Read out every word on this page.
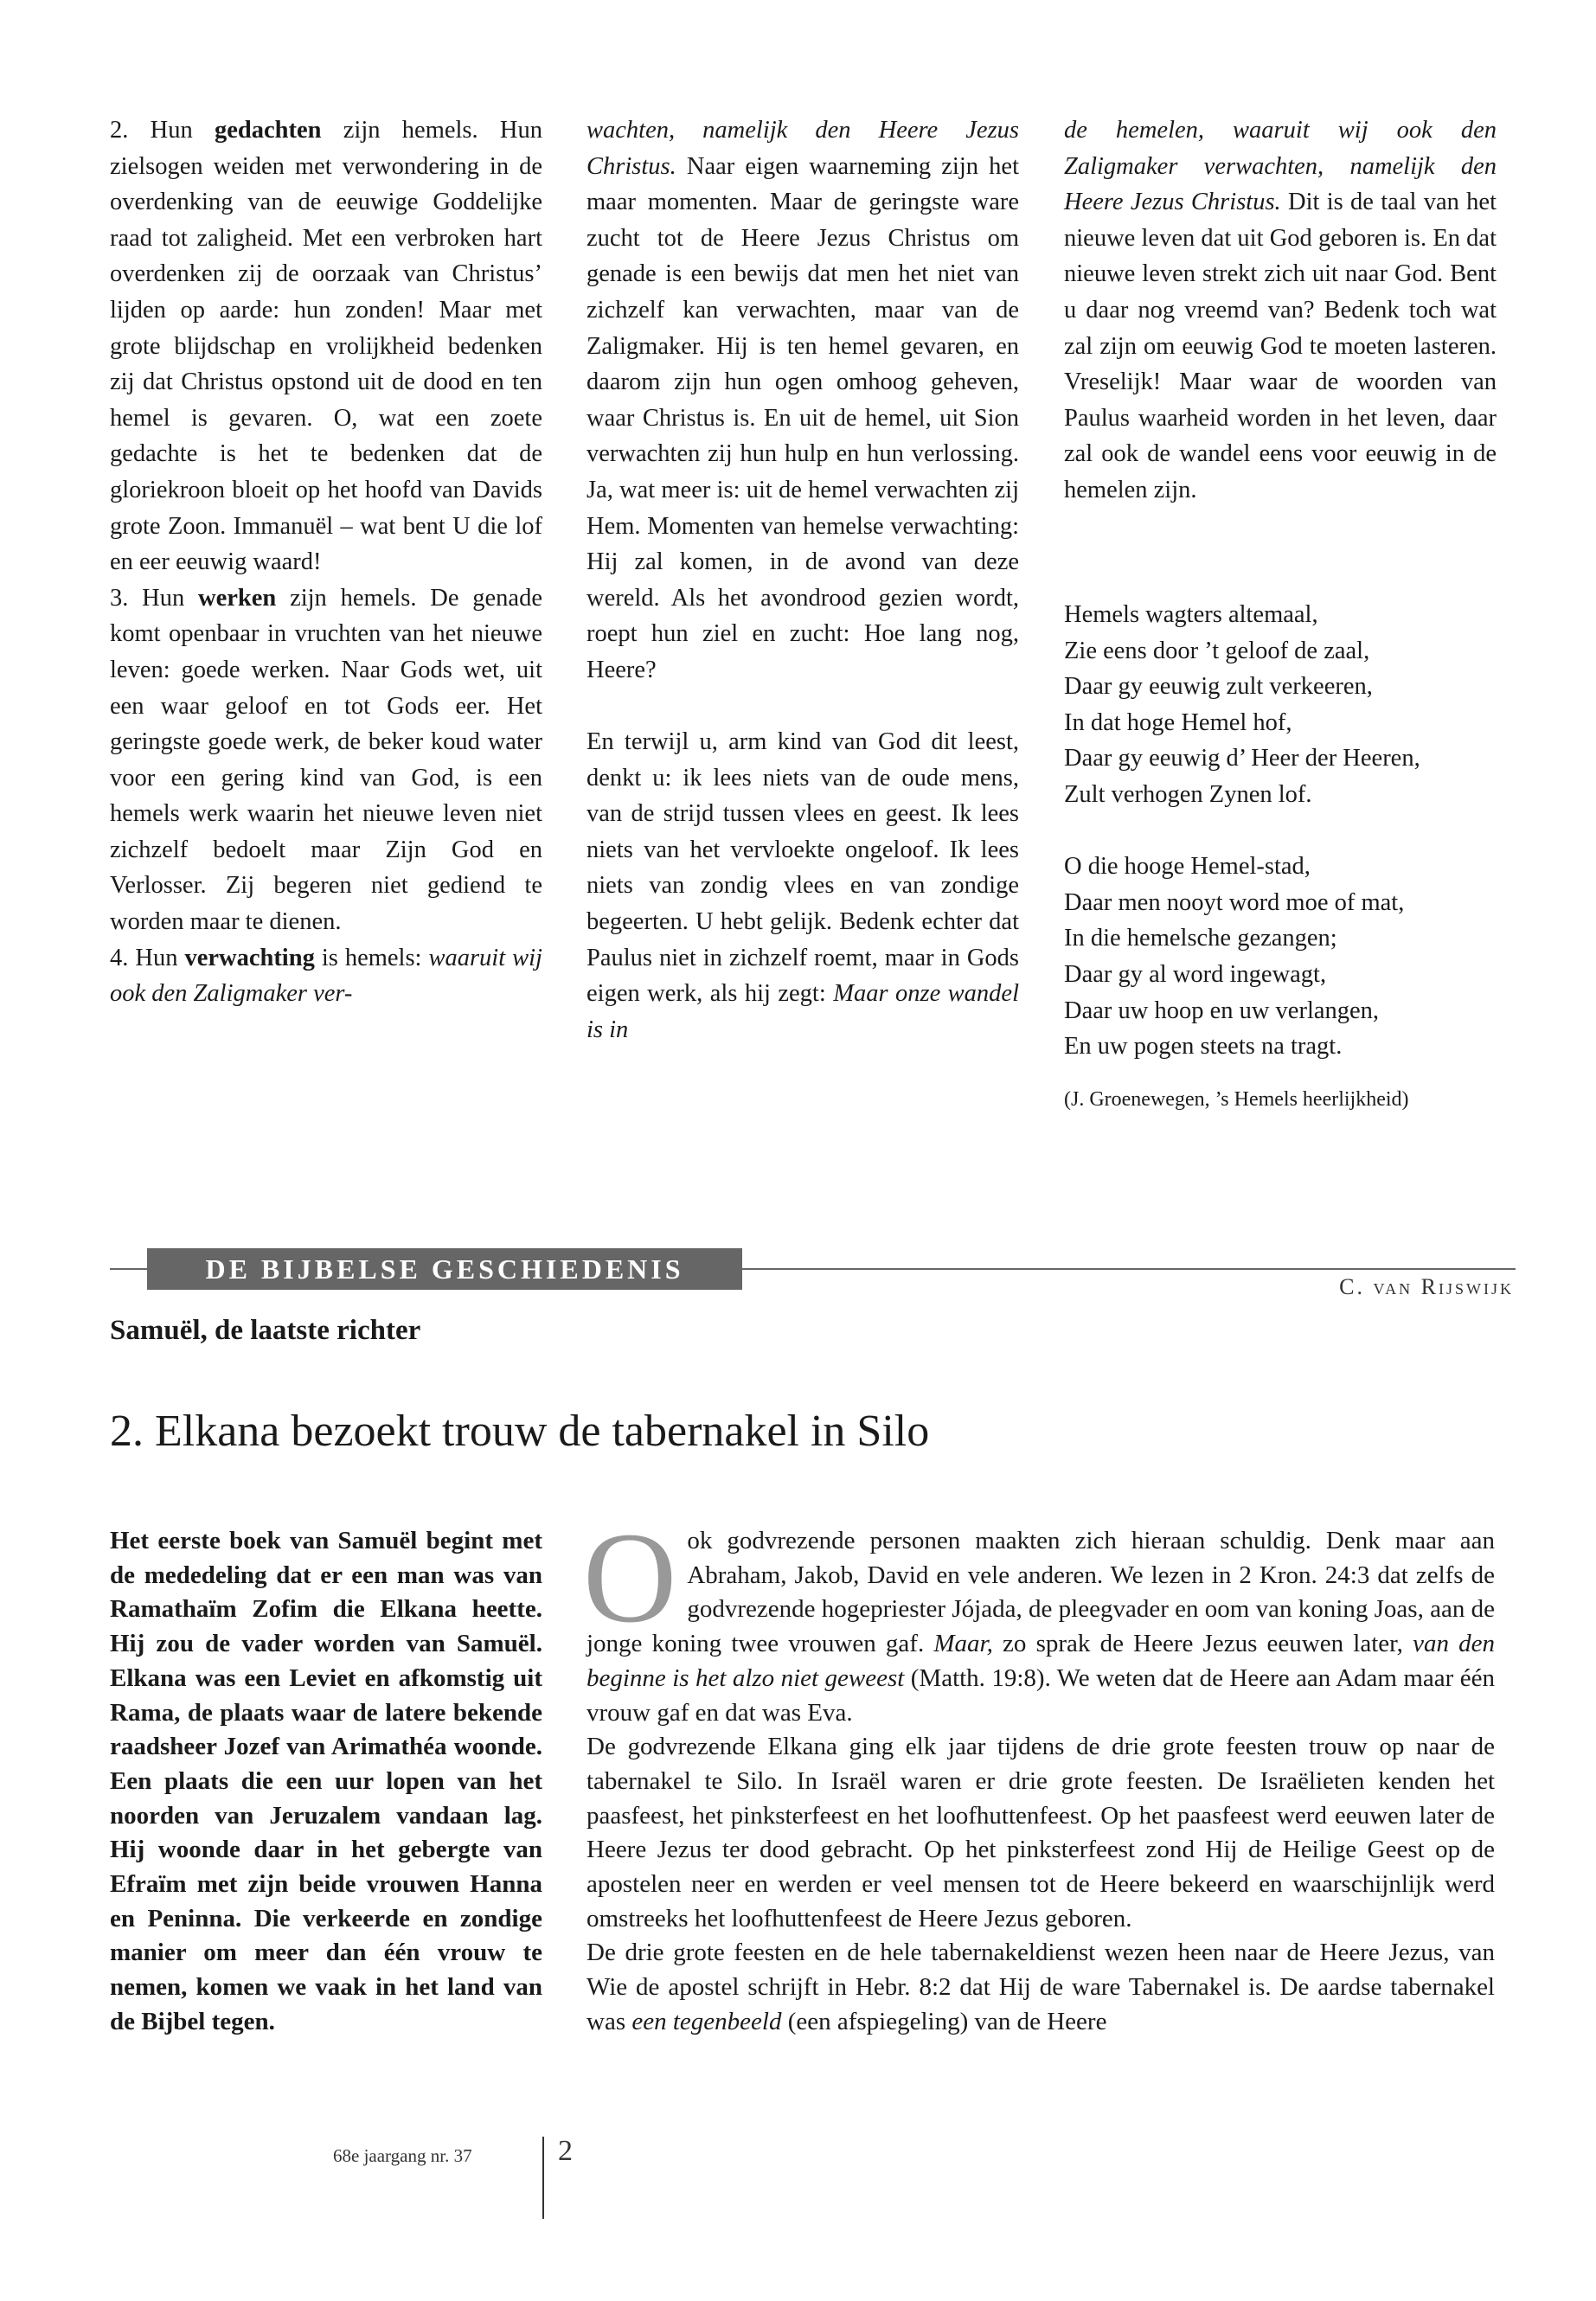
2. Hun gedachten zijn hemels. Hun zielsogen weiden met verwondering in de overdenking van de eeuwige Goddelijke raad tot zaligheid. Met een verbroken hart overdenken zij de oorzaak van Christus’ lijden op aarde: hun zonden! Maar met grote blijdschap en vrolijkheid bedenken zij dat Christus opstond uit de dood en ten hemel is gevaren. O, wat een zoete gedachte is het te bedenken dat de gloriekroon bloeit op het hoofd van Davids grote Zoon. Immanuël – wat bent U die lof en eer eeuwig waard!

3. Hun werken zijn hemels. De genade komt openbaar in vruchten van het nieuwe leven: goede werken. Naar Gods wet, uit een waar geloof en tot Gods eer. Het geringste goede werk, de beker koud water voor een gering kind van God, is een hemels werk waarin het nieuwe leven niet zichzelf bedoelt maar Zijn God en Verlosser. Zij begeren niet gediend te worden maar te dienen.

4. Hun verwachting is hemels: waaruit wij ook den Zaligmaker ver-

wachten, namelijk den Heere Jezus Christus. Naar eigen waarneming zijn het maar momenten. Maar de geringste ware zucht tot de Heere Jezus Christus om genade is een bewijs dat men het niet van zichzelf kan verwachten, maar van de Zaligmaker. Hij is ten hemel gevaren, en daarom zijn hun ogen omhoog geheven, waar Christus is. En uit de hemel, uit Sion verwachten zij hun hulp en hun verlossing. Ja, wat meer is: uit de hemel verwachten zij Hem. Momenten van hemelse verwachting: Hij zal komen, in de avond van deze wereld. Als het avondrood gezien wordt, roept hun ziel en zucht: Hoe lang nog, Heere?

En terwijl u, arm kind van God dit leest, denkt u: ik lees niets van de oude mens, van de strijd tussen vlees en geest. Ik lees niets van het vervloekte ongeloof. Ik lees niets van zondig vlees en van zondige begeerten. U hebt gelijk. Bedenk echter dat Paulus niet in zichzelf roemt, maar in Gods eigen werk, als hij zegt: Maar onze wandel is in

de hemelen, waaruit wij ook den Zaligmaker verwachten, namelijk den Heere Jezus Christus. Dit is de taal van het nieuwe leven dat uit God geboren is. En dat nieuwe leven strekt zich uit naar God. Bent u daar nog vreemd van? Bedenk toch wat zal zijn om eeuwig God te moeten lasteren. Vreselijk! Maar waar de woorden van Paulus waarheid worden in het leven, daar zal ook de wandel eens voor eeuwig in de hemelen zijn.

Hemels wagters altemaal,
Zie eens door ’t geloof de zaal,
Daar gy eeuwig zult verkeeren,
In dat hoge Hemel hof,
Daar gy eeuwig d’ Heer der Heeren,
Zult verhogen Zynen lof.
O die hooge Hemel-stad,
Daar men nooyt word moe of mat,
In die hemelsche gezangen;
Daar gy al word ingewagt,
Daar uw hoop en uw verlangen,
En uw pogen steets na tragt.
(J. Groenewegen, ’s Hemels heerlijkheid)
DE BIJBELSE GESCHIEDENIS
C. van Rijswijk
Samuël, de laatste richter
2. Elkana bezoekt trouw de tabernakel in Silo
Het eerste boek van Samuël begint met de mededeling dat er een man was van Ramathaïm Zofim die Elkana heette. Hij zou de vader worden van Samuël. Elkana was een Leviet en afkomstig uit Rama, de plaats waar de latere bekende raadsheer Jozef van Arimathéa woonde. Een plaats die een uur lopen van het noorden van Jeruzalem vandaan lag. Hij woonde daar in het gebergte van Efraïm met zijn beide vrouwen Hanna en Peninna. Die verkeerde en zondige manier om meer dan één vrouw te nemen, komen we vaak in het land van de Bijbel tegen.
O ok godvrezende personen maakten zich hieraan schuldig. Denk maar aan Abraham, Jakob, David en vele anderen. We lezen in 2 Kron. 24:3 dat zelfs de godvrezende hogepriester Jójada, de pleegvader en oom van koning Joas, aan de jonge koning twee vrouwen gaf. Maar, zo sprak de Heere Jezus eeuwen later, van den beginne is het alzo niet geweest (Matth. 19:8). We weten dat de Heere aan Adam maar één vrouw gaf en dat was Eva.

De godvrezende Elkana ging elk jaar tijdens de drie grote feesten trouw op naar de tabernakel te Silo. In Israël waren er drie grote feesten. De Israëlieten kenden het paasfeest, het pinksterfeest en het loofhuttenfeest. Op het paasfeest werd eeuwen later de Heere Jezus ter dood gebracht. Op het pinksterfeest zond Hij de Heilige Geest op de apostelen neer en werden er veel mensen tot de Heere bekeerd en waarschijnlijk werd omstreeks het loofhuttenfeest de Heere Jezus geboren.

De drie grote feesten en de hele tabernakeldienst wezen heen naar de Heere Jezus, van Wie de apostel schrijft in Hebr. 8:2 dat Hij de ware Tabernakel is. De aardse tabernakel was een tegenbeeld (een afspiegeling) van de Heere

68e jaargang nr. 37	2
